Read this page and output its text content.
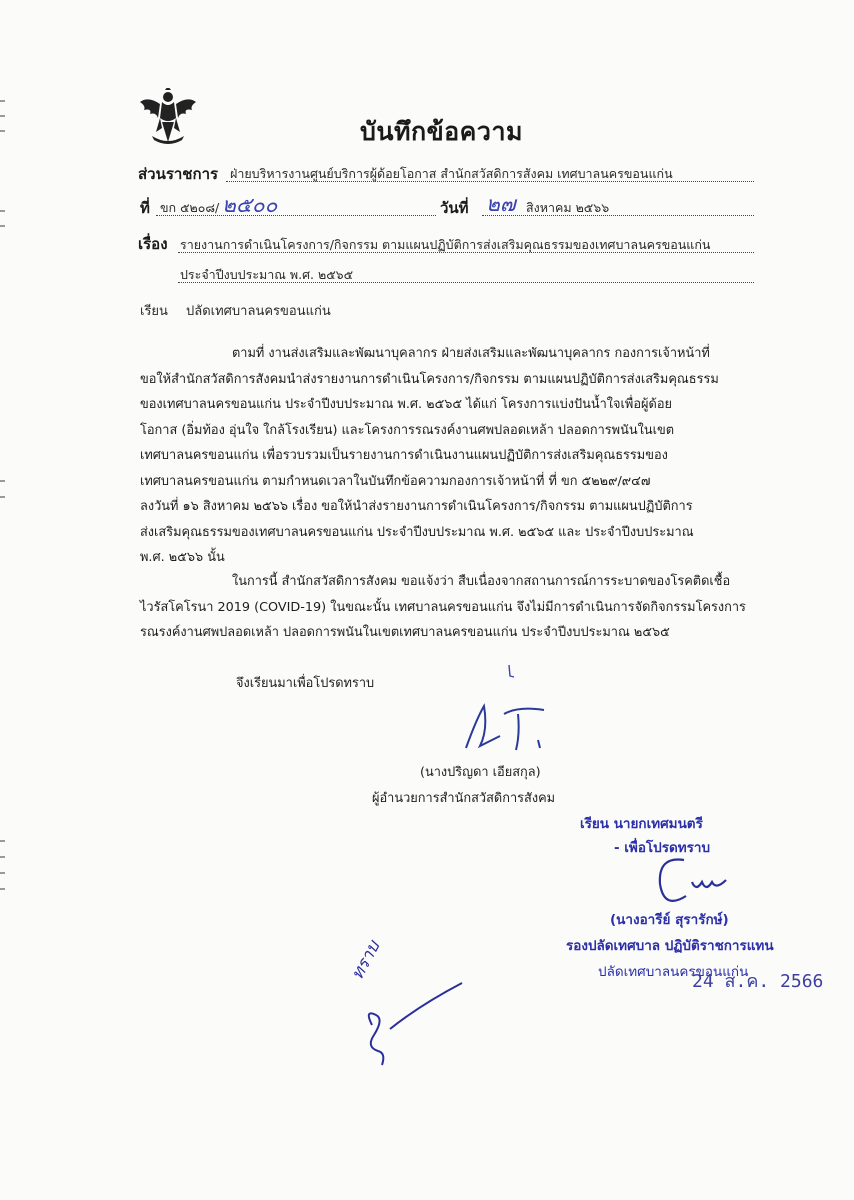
บันทึกข้อความ
ส่วนราชการ ฝ่ายบริหารงานศูนย์บริการผู้ด้อยโอกาส สำนักสวัสดิการสังคม เทศบาลนครขอนแก่น
ที่ ขก ๕๒๐๘/ ๒๕๐๐	วันที่ ๒๗ สิงหาคม ๒๕๖๖
เรื่อง รายงานการดำเนินโครงการ/กิจกรรม ตามแผนปฏิบัติการส่งเสริมคุณธรรมของเทศบาลนครขอนแก่น
ประจำปีงบประมาณ พ.ศ. ๒๕๖๕
เรียน ปลัดเทศบาลนครขอนแก่น
ตามที่ งานส่งเสริมและพัฒนาบุคลากร ฝ่ายส่งเสริมและพัฒนาบุคลากร กองการเจ้าหน้าที่
ขอให้สำนักสวัสดิการสังคมนำส่งรายงานการดำเนินโครงการ/กิจกรรม ตามแผนปฏิบัติการส่งเสริมคุณธรรม
ของเทศบาลนครขอนแก่น ประจำปีงบประมาณ พ.ศ. ๒๕๖๕ ได้แก่ โครงการแบ่งปันน้ำใจเพื่อผู้ด้อย
โอกาส (อิ่มท้อง อุ่นใจ ใกล้โรงเรียน) และโครงการรณรงค์งานศพปลอดเหล้า ปลอดการพนันในเขต
เทศบาลนครขอนแก่น เพื่อรวบรวมเป็นรายงานการดำเนินงานแผนปฏิบัติการส่งเสริมคุณธรรมของ
เทศบาลนครขอนแก่น ตามกำหนดเวลาในบันทึกข้อความกองการเจ้าหน้าที่ ที่ ขก ๕๒๒๙/๙๔๗
ลงวันที่ ๑๖ สิงหาคม ๒๕๖๖ เรื่อง ขอให้นำส่งรายงานการดำเนินโครงการ/กิจกรรม ตามแผนปฏิบัติการ
ส่งเสริมคุณธรรมของเทศบาลนครขอนแก่น ประจำปีงบประมาณ พ.ศ. ๒๕๖๕ และ ประจำปีงบประมาณ
พ.ศ. ๒๕๖๖ นั้น
ในการนี้ สำนักสวัสดิการสังคม ขอแจ้งว่า สืบเนื่องจากสถานการณ์การระบาดของโรคติดเชื้อ
ไวรัสโคโรนา 2019 (COVID-19) ในขณะนั้น เทศบาลนครขอนแก่น จึงไม่มีการดำเนินการจัดกิจกรรมโครงการ
รณรงค์งานศพปลอดเหล้า ปลอดการพนันในเขตเทศบาลนครขอนแก่น ประจำปีงบประมาณ ๒๕๖๕
จึงเรียนมาเพื่อโปรดทราบ
(นางปริญดา เอียสกุล)
ผู้อำนวยการสำนักสวัสดิการสังคม
เรียน นายกเทศมนตรี
- เพื่อโปรดทราบ
(นางอารีย์ สุรารักษ์)
รองปลัดเทศบาล ปฏิบัติราชการแทน
ปลัดเทศบาลนครขอนแก่น
24 ส.ค. 2566
ทราบ
